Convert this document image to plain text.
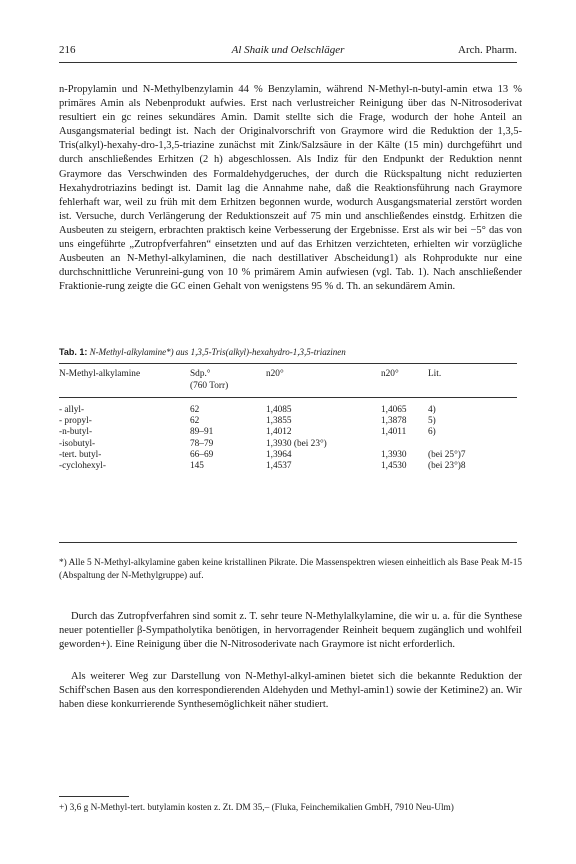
216	Al Shaik und Oelschläger	Arch. Pharm.
n-Propylamin und N-Methylbenzylamin 44 % Benzylamin, während N-Methyl-n-butyl-amin etwa 13 % primäres Amin als Nebenprodukt aufwies. Erst nach verlustreicher Reinigung über das N-Nitrosoderivat resultiert ein gc reines sekundäres Amin. Damit stellte sich die Frage, wodurch der hohe Anteil an Ausgangsmaterial bedingt ist. Nach der Originalvorschrift von Graymore wird die Reduktion der 1,3,5-Tris(alkyl)-hexahy-dro-1,3,5-triazine zunächst mit Zink/Salzsäure in der Kälte (15 min) durchgeführt und durch anschließendes Erhitzen (2 h) abgeschlossen. Als Indiz für den Endpunkt der Reduktion nennt Graymore das Verschwinden des Formaldehydgeruches, der durch die Rückspaltung nicht reduzierten Hexahydrotriazins bedingt ist. Damit lag die Annahme nahe, daß die Reaktionsführung nach Graymore fehlerhaft war, weil zu früh mit dem Erhitzen begonnen wurde, wodurch Ausgangsmaterial zerstört worden ist. Versuche, durch Verlängerung der Reduktionszeit auf 75 min und anschließendes einstdg. Erhitzen die Ausbeuten zu steigern, erbrachten praktisch keine Verbesserung der Ergebnisse. Erst als wir bei −5° das von uns eingeführte „Zutropfverfahren“ einsetzten und auf das Erhitzen verzichteten, erhielten wir vorzügliche Ausbeuten an N-Methyl-alkylaminen, die nach destillativer Abscheidung1) als Rohprodukte nur eine durchschnittliche Verunreini-gung von 10 % primärem Amin aufwiesen (vgl. Tab. 1). Nach anschließender Fraktionie-rung zeigte die GC einen Gehalt von wenigstens 95 % d. Th. an sekundärem Amin.
Tab. 1: N-Methyl-alkylamine*) aus 1,3,5-Tris(alkyl)-hexahydro-1,3,5-triazinen
N-Methyl-alkylamine	Sdp.°
(760 Torr)
n20°	n20°	Lit.
- allyl-	62	1,4085	1,4065	4)
- propyl-	62	1,3855	1,3878	5)
-n-butyl-	89–91	1,4012	1,4011	6)
-isobutyl-	78–79	1,3930 (bei 23°)		
-tert. butyl-	66–69	1,3964	1,3930	(bei 25°)7
-cyclohexyl-	145	1,4537	1,4530	(bei 23°)8
*) Alle 5 N-Methyl-alkylamine gaben keine kristallinen Pikrate. Die Massenspektren wiesen einheitlich als Base Peak M-15 (Abspaltung der N-Methylgruppe) auf.
Durch das Zutropfverfahren sind somit z. T. sehr teure N-Methylalkylamine, die wir u. a. für die Synthese neuer potentieller β-Sympatholytika benötigen, in hervorragender Reinheit bequem zugänglich und wohlfeil geworden+). Eine Reinigung über die N-Nitrosoderivate nach Graymore ist nicht erforderlich.
Als weiterer Weg zur Darstellung von N-Methyl-alkyl-aminen bietet sich die bekannte Reduktion der Schiff'schen Basen aus den korrespondierenden Aldehyden und Methyl-amin1) sowie der Ketimine2) an. Wir haben diese konkurrierende Synthesemöglichkeit näher studiert.
+) 3,6 g N-Methyl-tert. butylamin kosten z. Zt. DM 35,– (Fluka, Feinchemikalien GmbH, 7910 Neu-Ulm)
